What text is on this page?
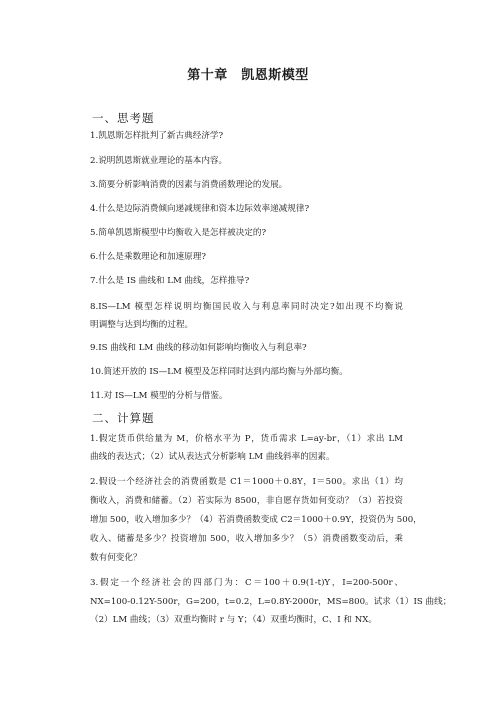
第十章　凯恩斯模型
一、思考题
1.凯恩斯怎样批判了新古典经济学?
2.说明凯恩斯就业理论的基本内容。
3.简要分析影响消费的因素与消费函数理论的发展。
4.什么是边际消费倾向递减规律和资本边际效率递减规律?
5.简单凯恩斯模型中均衡收入是怎样被决定的?
6.什么是乘数理论和加速原理?
7.什么是 IS 曲线和 LM 曲线，怎样推导?
8.IS—LM 模型怎样说明均衡国民收入与利息率同时决定?如出现不均衡说
明调整与达到均衡的过程。
9.IS 曲线和 LM 曲线的移动如何影响均衡收入与利息率?
10.简述开放的 IS—LM 模型及怎样同时达到内部均衡与外部均衡。
11.对 IS—LM 模型的分析与借鉴。
二、计算题
1.假定货币供给量为 M，价格水平为 P，货币需求 L=ay-br，（1）求出 LM
曲线的表达式；（2）试从表达式分析影响 LM 曲线斜率的因素。
2.假设一个经济社会的消费函数是 C1＝1000＋0.8Y，I＝500。求出（1）均
衡收入，消费和储蓄。（2）若实际为 8500，非自愿存货如何变动？（3）若投资
增加 500，收入增加多少？（4）若消费函数变成 C2＝1000＋0.9Y，投资仍为 500，
收入、储蓄是多少？投资增加 500，收入增加多少？（5）消费函数变动后，乘
数有何变化？
3.假定一个经济社会的四部门为：C＝100＋0.9(1-t)Y，I=200-500r、
NX=100-0.12Y-500r，G=200，t=0.2，L=0.8Y-2000r，MS=800。试求（1）IS 曲线；
（2）LM 曲线；（3）双重均衡时 r 与 Y；（4）双重均衡时，C、I 和 NX。
